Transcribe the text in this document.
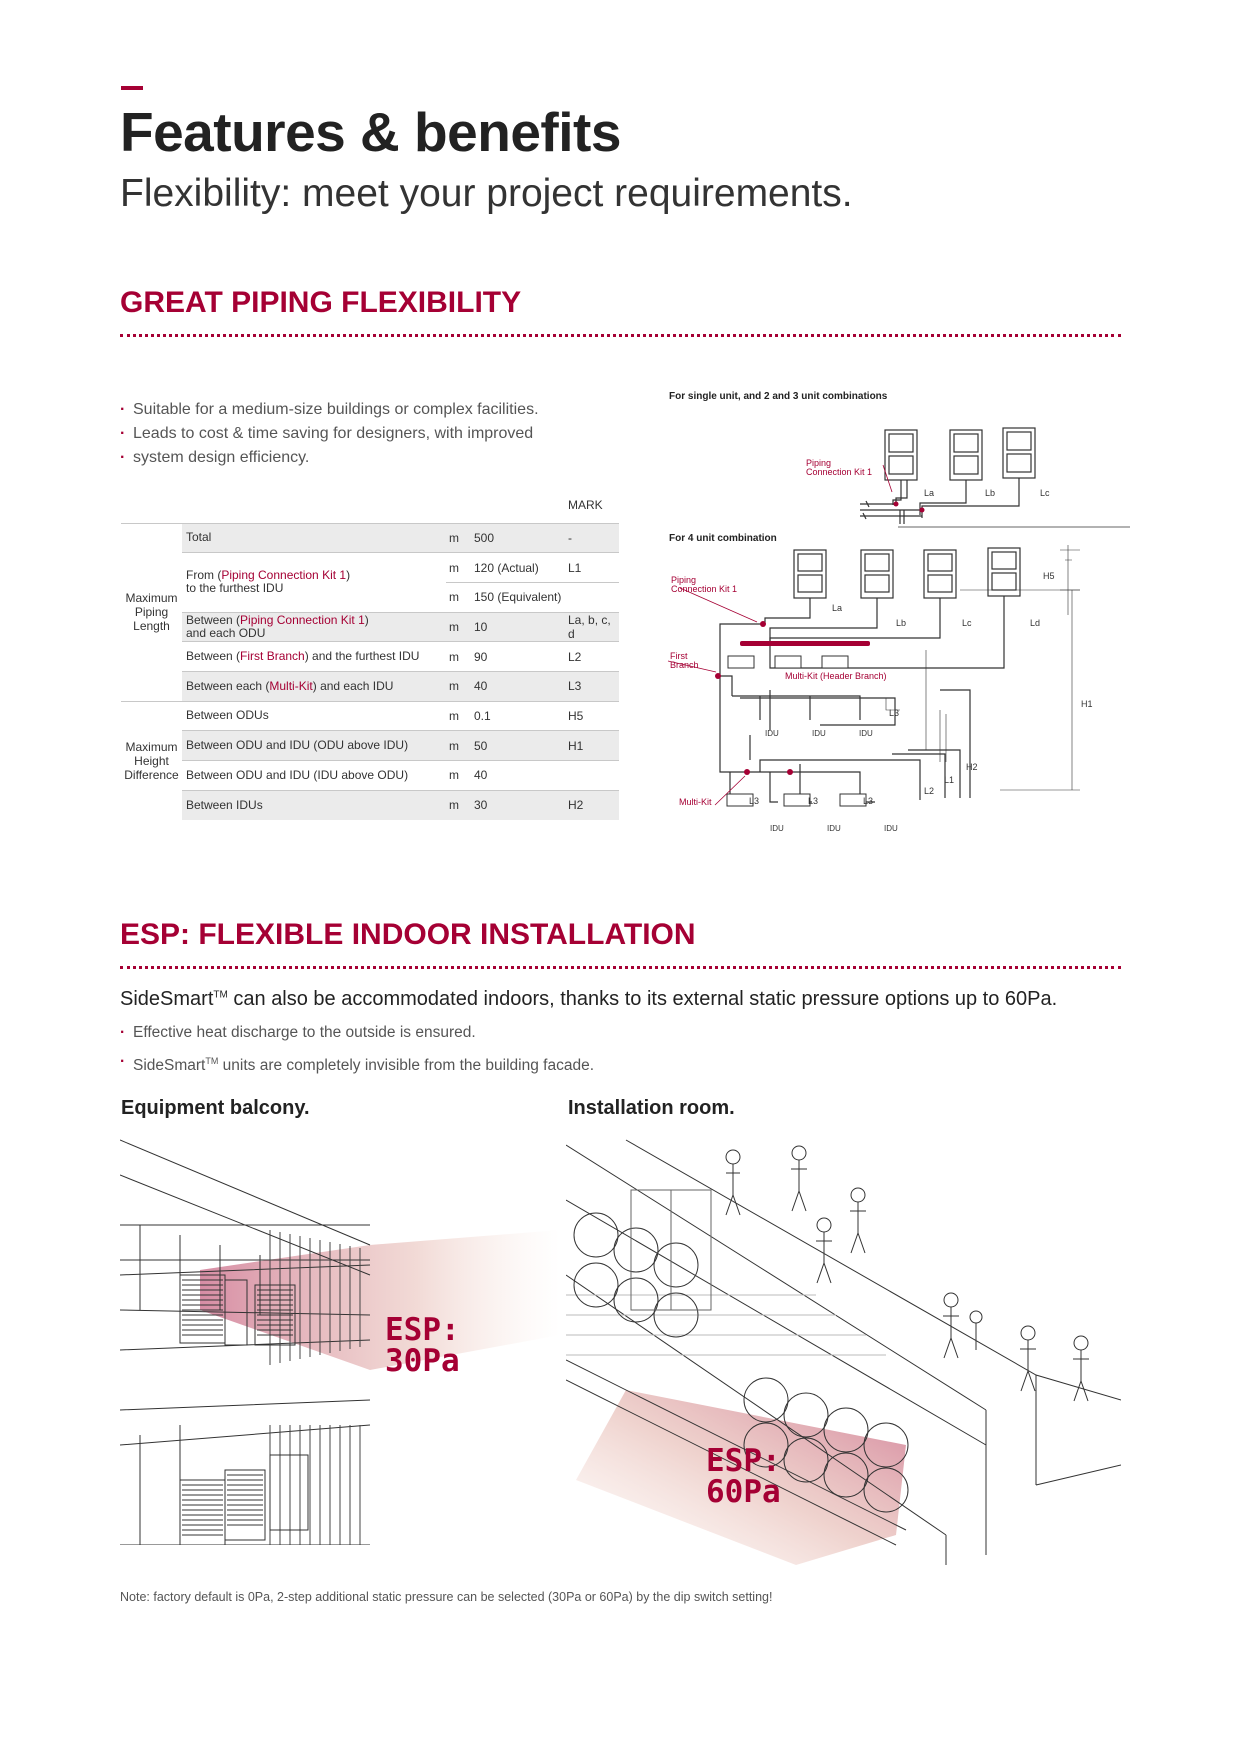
Features & benefits
Flexibility: meet your project requirements.
GREAT PIPING FLEXIBILITY
· Suitable for a medium-size buildings or complex facilities.
· Leads to cost & time saving for designers, with improved
· system design efficiency.
				MARK
Maximum
Piping
Length	Total	m	500	-
	From (Piping Connection Kit 1)
to the furthest IDU	m	120 (Actual)	L1
		m	150 (Equivalent)	
	Between (Piping Connection Kit 1)
and each ODU	m	10	La, b, c, d
	Between (First Branch) and the furthest IDU	m	90	L2
	Between each (Multi-Kit) and each IDU	m	40	L3
Maximum
Height
Difference	Between ODUs	m	0.1	H5
	Between ODU and IDU (ODU above IDU)	m	50	H1
	Between ODU and IDU (IDU above ODU)	m	40	
	Between IDUs	m	30	H2
For single unit, and 2 and 3 unit combinations
Piping
Connection Kit 1
La	Lb	Lc
For 4 unit combination
Piping
Connection Kit 1
First
Branch
Multi-Kit (Header Branch)
Multi-Kit
La
Lb	Lc	Ld
H5
H1
H2
L1
L2
L3
L3	L3	L3
IDU	IDU	IDU
IDU	IDU	IDU
ESP: FLEXIBLE INDOOR INSTALLATION
SideSmart™ can also be accommodated indoors, thanks to its external static pressure options up to 60Pa.
· Effective heat discharge to the outside is ensured.
· SideSmart™ units are completely invisible from the building facade.
Equipment balcony.	Installation room.
ESP:
30Pa
ESP:
60Pa
Note: factory default is 0Pa, 2-step additional static pressure can be selected (30Pa or 60Pa) by the dip switch setting!
